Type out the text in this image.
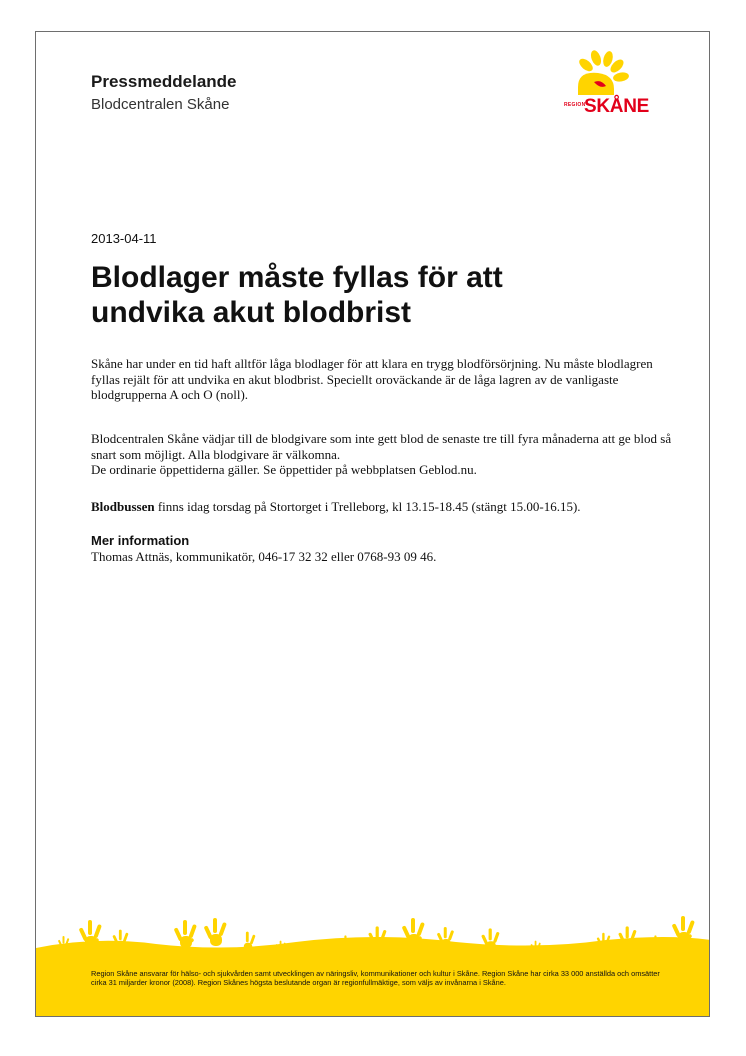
Pressmeddelande
Blodcentralen Skåne	REGION
SKÅNE
2013-04-11
Blodlager måste fyllas för att undvika akut blodbrist

Skåne har under en tid haft alltför låga blodlager för att klara en trygg blodförsörjning. Nu måste blodlagren fyllas rejält för att undvika en akut blodbrist. Speciellt oroväckande är de låga lagren av de vanligaste blodgrupperna A och O (noll).

Blodcentralen Skåne vädjar till de blodgivare som inte gett blod de senaste tre till fyra månaderna att ge blod så snart som möjligt. Alla blodgivare är välkomna.
De ordinarie öppettiderna gäller. Se öppettider på webbplatsen Geblod.nu.

Blodbussen finns idag torsdag på Stortorget i Trelleborg, kl 13.15-18.45 (stängt 15.00-16.15).

Mer information
Thomas Attnäs, kommunikatör, 046-17 32 32 eller 0768-93 09 46.

Region Skåne ansvarar för hälso- och sjukvården samt utvecklingen av näringsliv, kommunikationer och kultur i Skåne. Region Skåne har cirka 33 000 anställda och omsätter cirka 31 miljarder kronor (2008). Region Skånes högsta beslutande organ är regionfullmäktige, som väljs av invånarna i Skåne.
